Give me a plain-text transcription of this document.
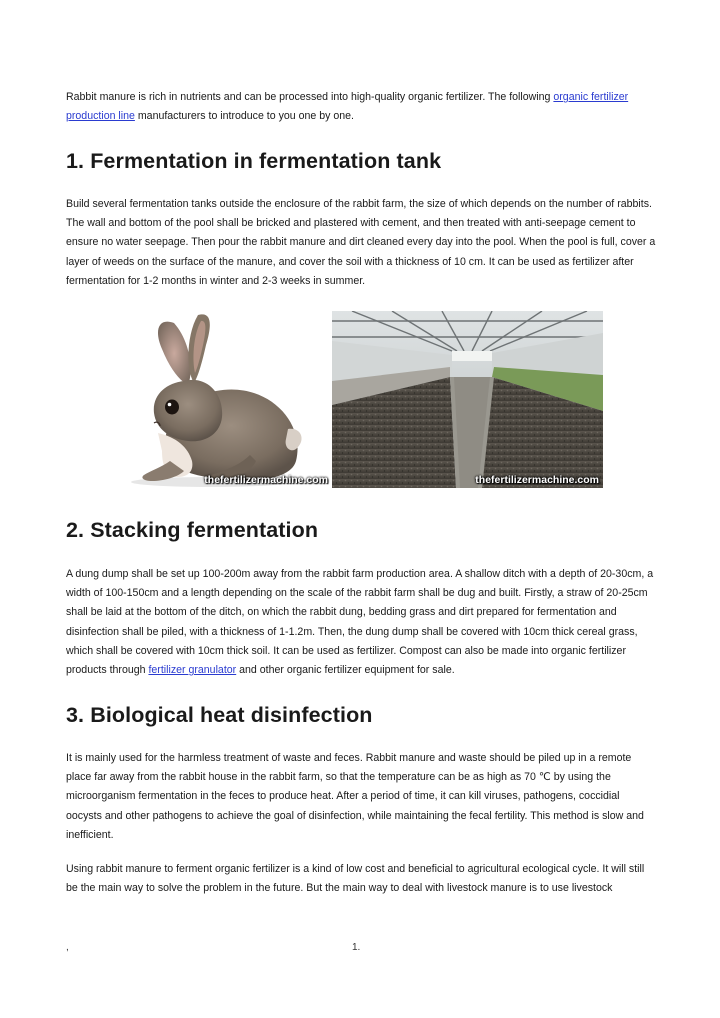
Rabbit manure is rich in nutrients and can be processed into high-quality organic fertilizer. The following organic fertilizer production line manufacturers to introduce to you one by one.

1. Fermentation in fermentation tank

Build several fermentation tanks outside the enclosure of the rabbit farm, the size of which depends on the number of rabbits. The wall and bottom of the pool shall be bricked and plastered with cement, and then treated with anti-seepage cement to ensure no water seepage. Then pour the rabbit manure and dirt cleaned every day into the pool. When the pool is full, cover a layer of weeds on the surface of the manure, and cover the soil with a thickness of 10 cm. It can be used as fertilizer after fermentation for 1-2 months in winter and 2-3 weeks in summer.

thefertilizermachine.com	thefertilizermachine.com
2. Stacking fermentation

A dung dump shall be set up 100-200m away from the rabbit farm production area. A shallow ditch with a depth of 20-30cm, a width of 100-150cm and a length depending on the scale of the rabbit farm shall be dug and built. Firstly, a straw of 20-25cm shall be laid at the bottom of the ditch, on which the rabbit dung, bedding grass and dirt prepared for fermentation and disinfection shall be piled, with a thickness of 1-1.2m. Then, the dung dump shall be covered with 10cm thick cereal grass, which shall be covered with 10cm thick soil. It can be used as fertilizer. Compost can also be made into organic fertilizer products through fertilizer granulator and other organic fertilizer equipment for sale.

3. Biological heat disinfection

It is mainly used for the harmless treatment of waste and feces. Rabbit manure and waste should be piled up in a remote place far away from the rabbit house in the rabbit farm, so that the temperature can be as high as 70 ℃ by using the microorganism fermentation in the feces to produce heat. After a period of time, it can kill viruses, pathogens, coccidial oocysts and other pathogens to achieve the goal of disinfection, while maintaining the fecal fertility. This method is slow and inefficient.

Using rabbit manure to ferment organic fertilizer is a kind of low cost and beneficial to agricultural ecological cycle. It will still be the main way to solve the problem in the future. But the main way to deal with livestock manure is to use livestock

,	1.
